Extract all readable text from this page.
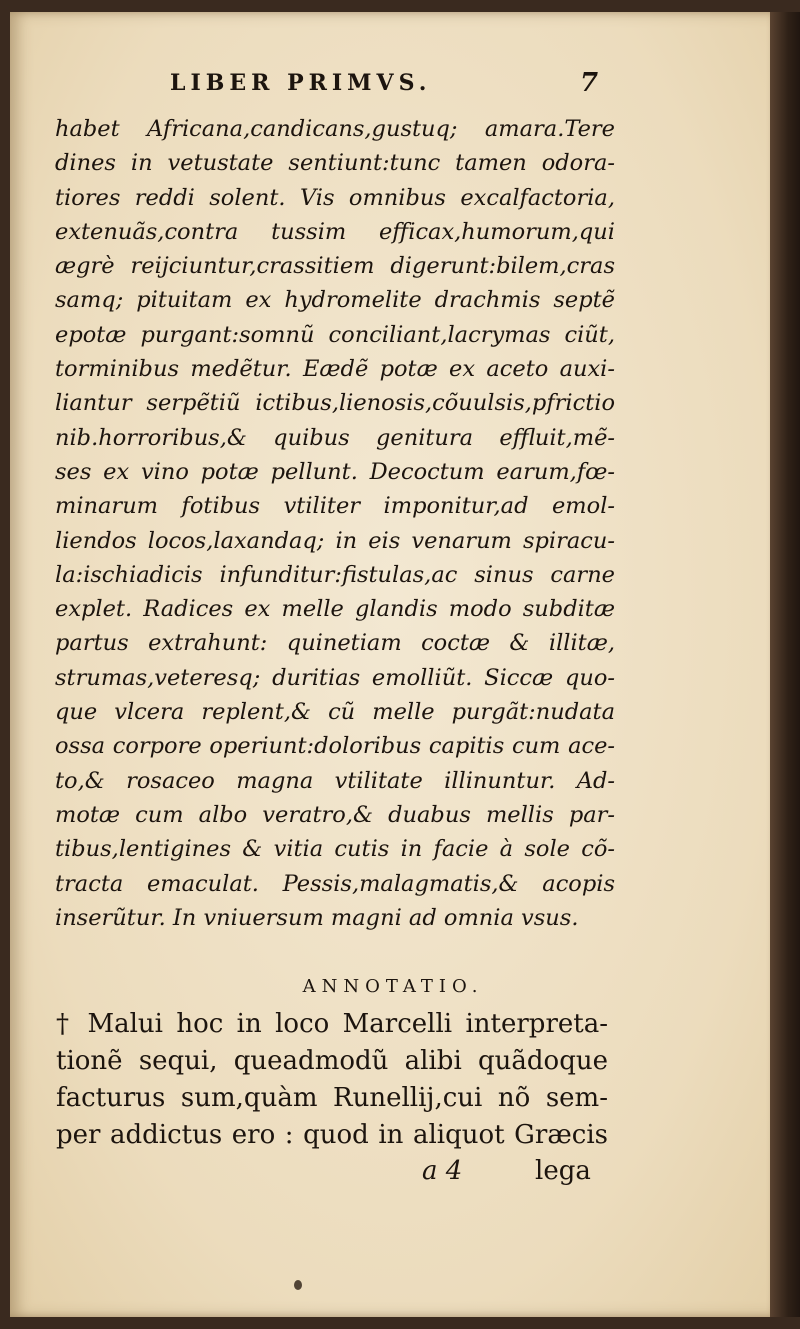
LIBER PRIMVS.	7
habet Africana,candicans,gustuq; amara.Tere
dines in vetustate sentiunt:tunc tamen odora-
tiores reddi solent. Vis omnibus excalfactoria,
extenuãs,contra tussim efficax,humorum,qui
ægrè reijciuntur,crassitiem digerunt:bilem,cras
samq; pituitam ex hydromelite drachmis septẽ
epotæ purgant:somnũ conciliant,lacrymas ciũt,
torminibus medẽtur. Eædẽ potæ ex aceto auxi-
liantur serpẽtiũ ictibus,lienosis,cõuulsis,pfrictio
nib.horroribus,& quibus genitura effluit,mẽ-
ses ex vino potæ pellunt. Decoctum earum,fœ-
minarum fotibus vtiliter imponitur,ad emol-
liendos locos,laxandaq; in eis venarum spiracu-
la:ischiadicis infunditur:fistulas,ac sinus carne
explet. Radices ex melle glandis modo subditæ
partus extrahunt: quinetiam coctæ & illitæ,
strumas,veteresq; duritias emolliũt. Siccæ quo-
que vlcera replent,& cũ melle purgãt:nudata
ossa corpore operiunt:doloribus capitis cum ace-
to,& rosaceo magna vtilitate illinuntur. Ad-
motæ cum albo veratro,& duabus mellis par-
tibus,lentigines & vitia cutis in facie à sole cõ-
tracta emaculat. Pessis,malagmatis,& acopis
inserũtur. In vniuersum magni ad omnia vsus.
ANNOTATIO.
† Malui hoc in loco Marcelli interpreta-
tionẽ sequi, queadmodũ alibi quãdoque
facturus sum,quàm Runellij,cui nõ sem-
per addictus ero : quod in aliquot Græcis
a 4	lega
